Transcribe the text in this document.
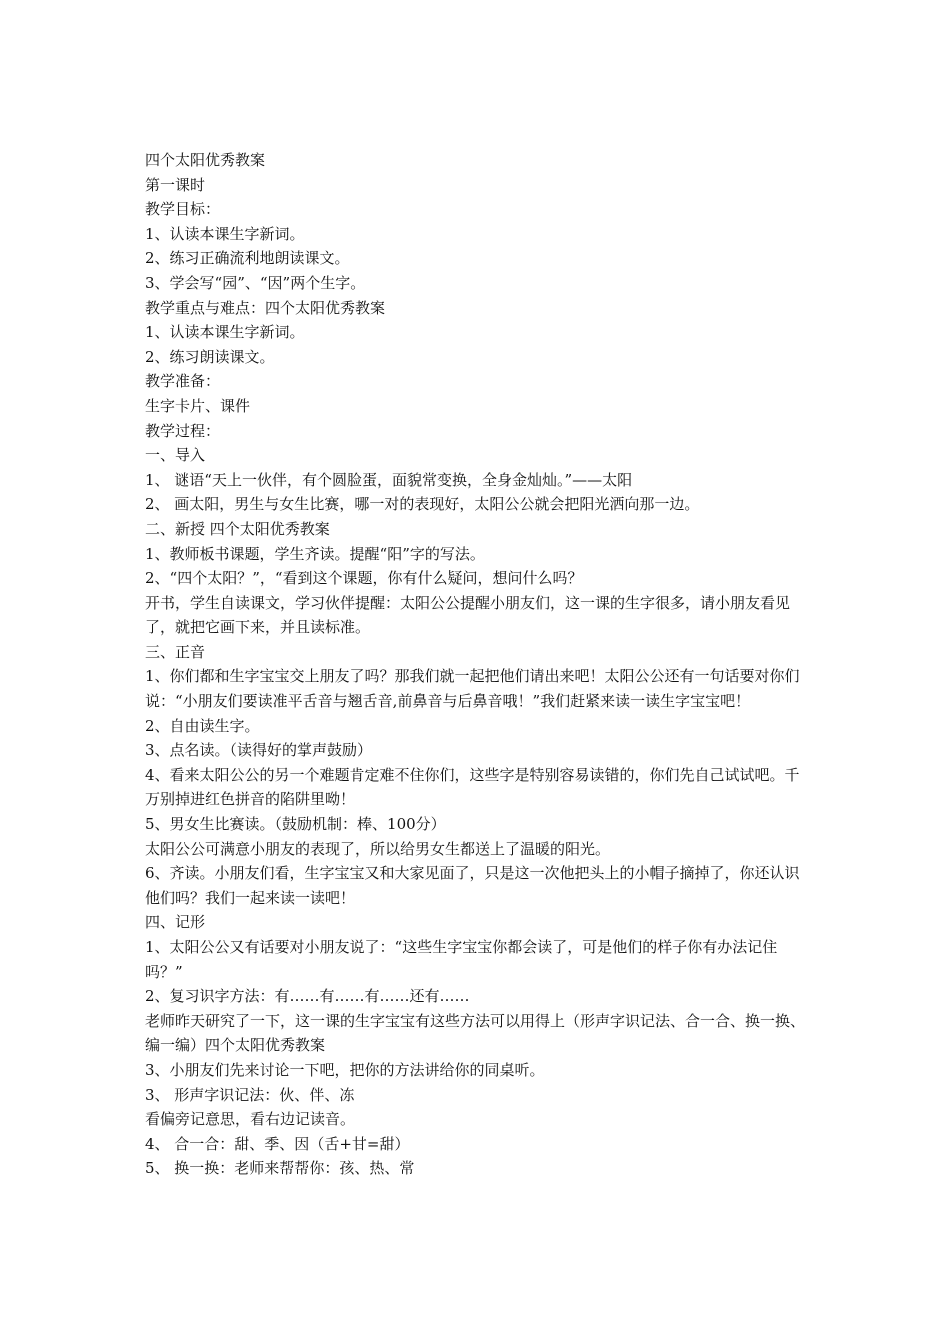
四个太阳优秀教案

第一课时

教学目标：

1、认读本课生字新词。

2、练习正确流利地朗读课文。

3、学会写“园”、“因”两个生字。

教学重点与难点：四个太阳优秀教案

1、认读本课生字新词。

2、练习朗读课文。

教学准备：

生字卡片、课件

教学过程：

一、导入

1、 谜语“天上一伙伴，有个圆脸蛋，面貌常变换，全身金灿灿。”——太阳

2、 画太阳，男生与女生比赛，哪一对的表现好，太阳公公就会把阳光洒向那一边。

二、新授 四个太阳优秀教案

1、教师板书课题，学生齐读。提醒“阳”字的写法。

2、“四个太阳？”，“看到这个课题，你有什么疑问，想问什么吗？

开书，学生自读课文，学习伙伴提醒：太阳公公提醒小朋友们，这一课的生字很多，请小朋友看见了，就把它画下来，并且读标准。

三、正音

1、你们都和生字宝宝交上朋友了吗？那我们就一起把他们请出来吧！太阳公公还有一句话要对你们说：“小朋友们要读准平舌音与翘舌音,前鼻音与后鼻音哦！”我们赶紧来读一读生字宝宝吧！

2、自由读生字。

3、点名读。（读得好的掌声鼓励）

4、看来太阳公公的另一个难题肯定难不住你们，这些字是特别容易读错的，你们先自己试试吧。千万别掉进红色拼音的陷阱里呦！

5、男女生比赛读。（鼓励机制：棒、100分）

太阳公公可满意小朋友的表现了，所以给男女生都送上了温暖的阳光。

6、齐读。小朋友们看，生字宝宝又和大家见面了，只是这一次他把头上的小帽子摘掉了，你还认识他们吗？我们一起来读一读吧！

四、记形

1、太阳公公又有话要对小朋友说了：“这些生字宝宝你都会读了，可是他们的样子你有办法记住吗？”

2、复习识字方法：有……有……有……还有……

老师昨天研究了一下，这一课的生字宝宝有这些方法可以用得上（形声字识记法、合一合、换一换、编一编）四个太阳优秀教案

3、小朋友们先来讨论一下吧，把你的方法讲给你的同桌听。

3、 形声字识记法：伙、伴、冻

看偏旁记意思，看右边记读音。

4、 合一合：甜、季、因（舌+甘=甜）

5、 换一换：老师来帮帮你：孩、热、常
